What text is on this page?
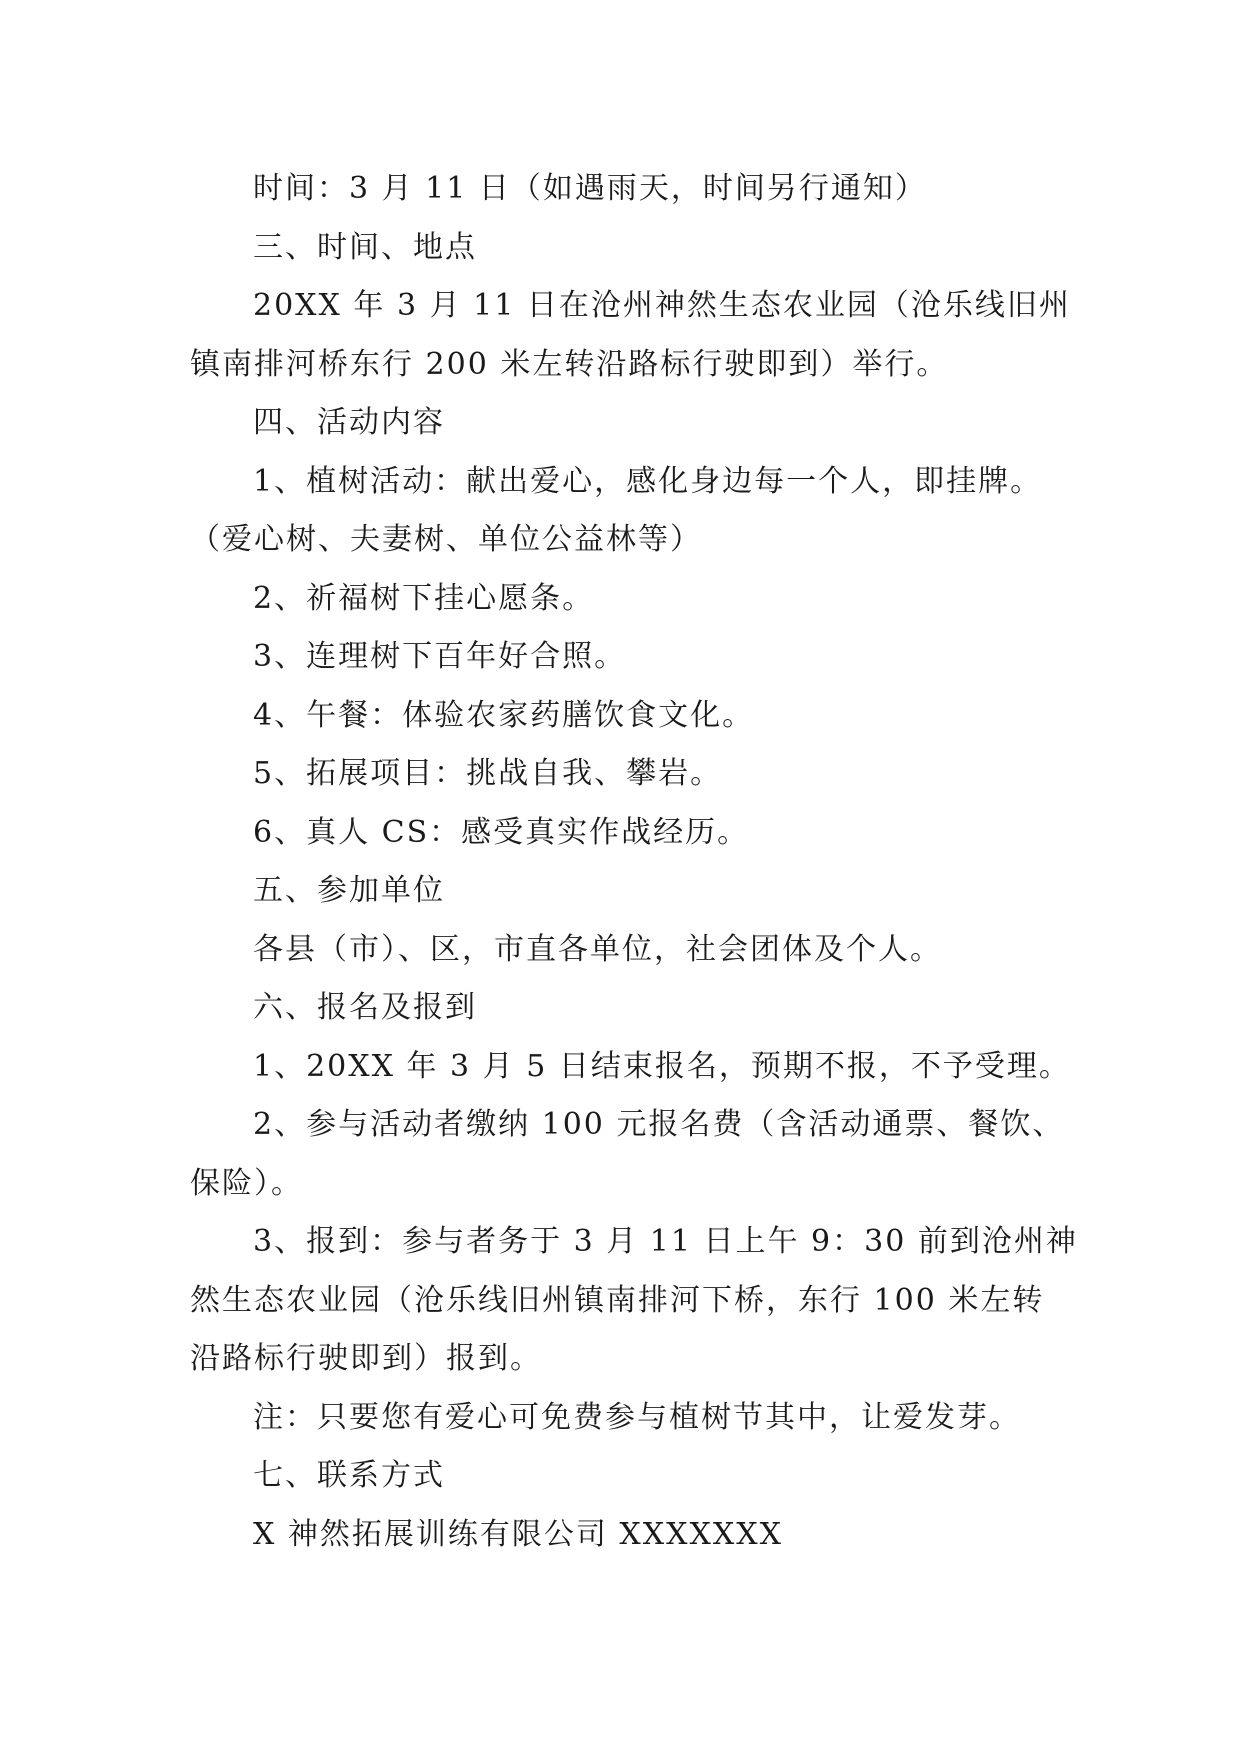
时间：3 月 11 日（如遇雨天，时间另行通知）
三、时间、地点
20XX 年 3 月 11 日在沧州神然生态农业园（沧乐线旧州
镇南排河桥东行 200 米左转沿路标行驶即到）举行。
四、活动内容
1、植树活动：献出爱心，感化身边每一个人，即挂牌。
（爱心树、夫妻树、单位公益林等）
2、祈福树下挂心愿条。
3、连理树下百年好合照。
4、午餐：体验农家药膳饮食文化。
5、拓展项目：挑战自我、攀岩。
6、真人 CS：感受真实作战经历。
五、参加单位
各县（市）、区，市直各单位，社会团体及个人。
六、报名及报到
1、20XX 年 3 月 5 日结束报名，预期不报，不予受理。
2、参与活动者缴纳 100 元报名费（含活动通票、餐饮、
保险）。
3、报到：参与者务于 3 月 11 日上午 9：30 前到沧州神
然生态农业园（沧乐线旧州镇南排河下桥，东行 100 米左转
沿路标行驶即到）报到。
注：只要您有爱心可免费参与植树节其中，让爱发芽。
七、联系方式
X 神然拓展训练有限公司 XXXXXXX
